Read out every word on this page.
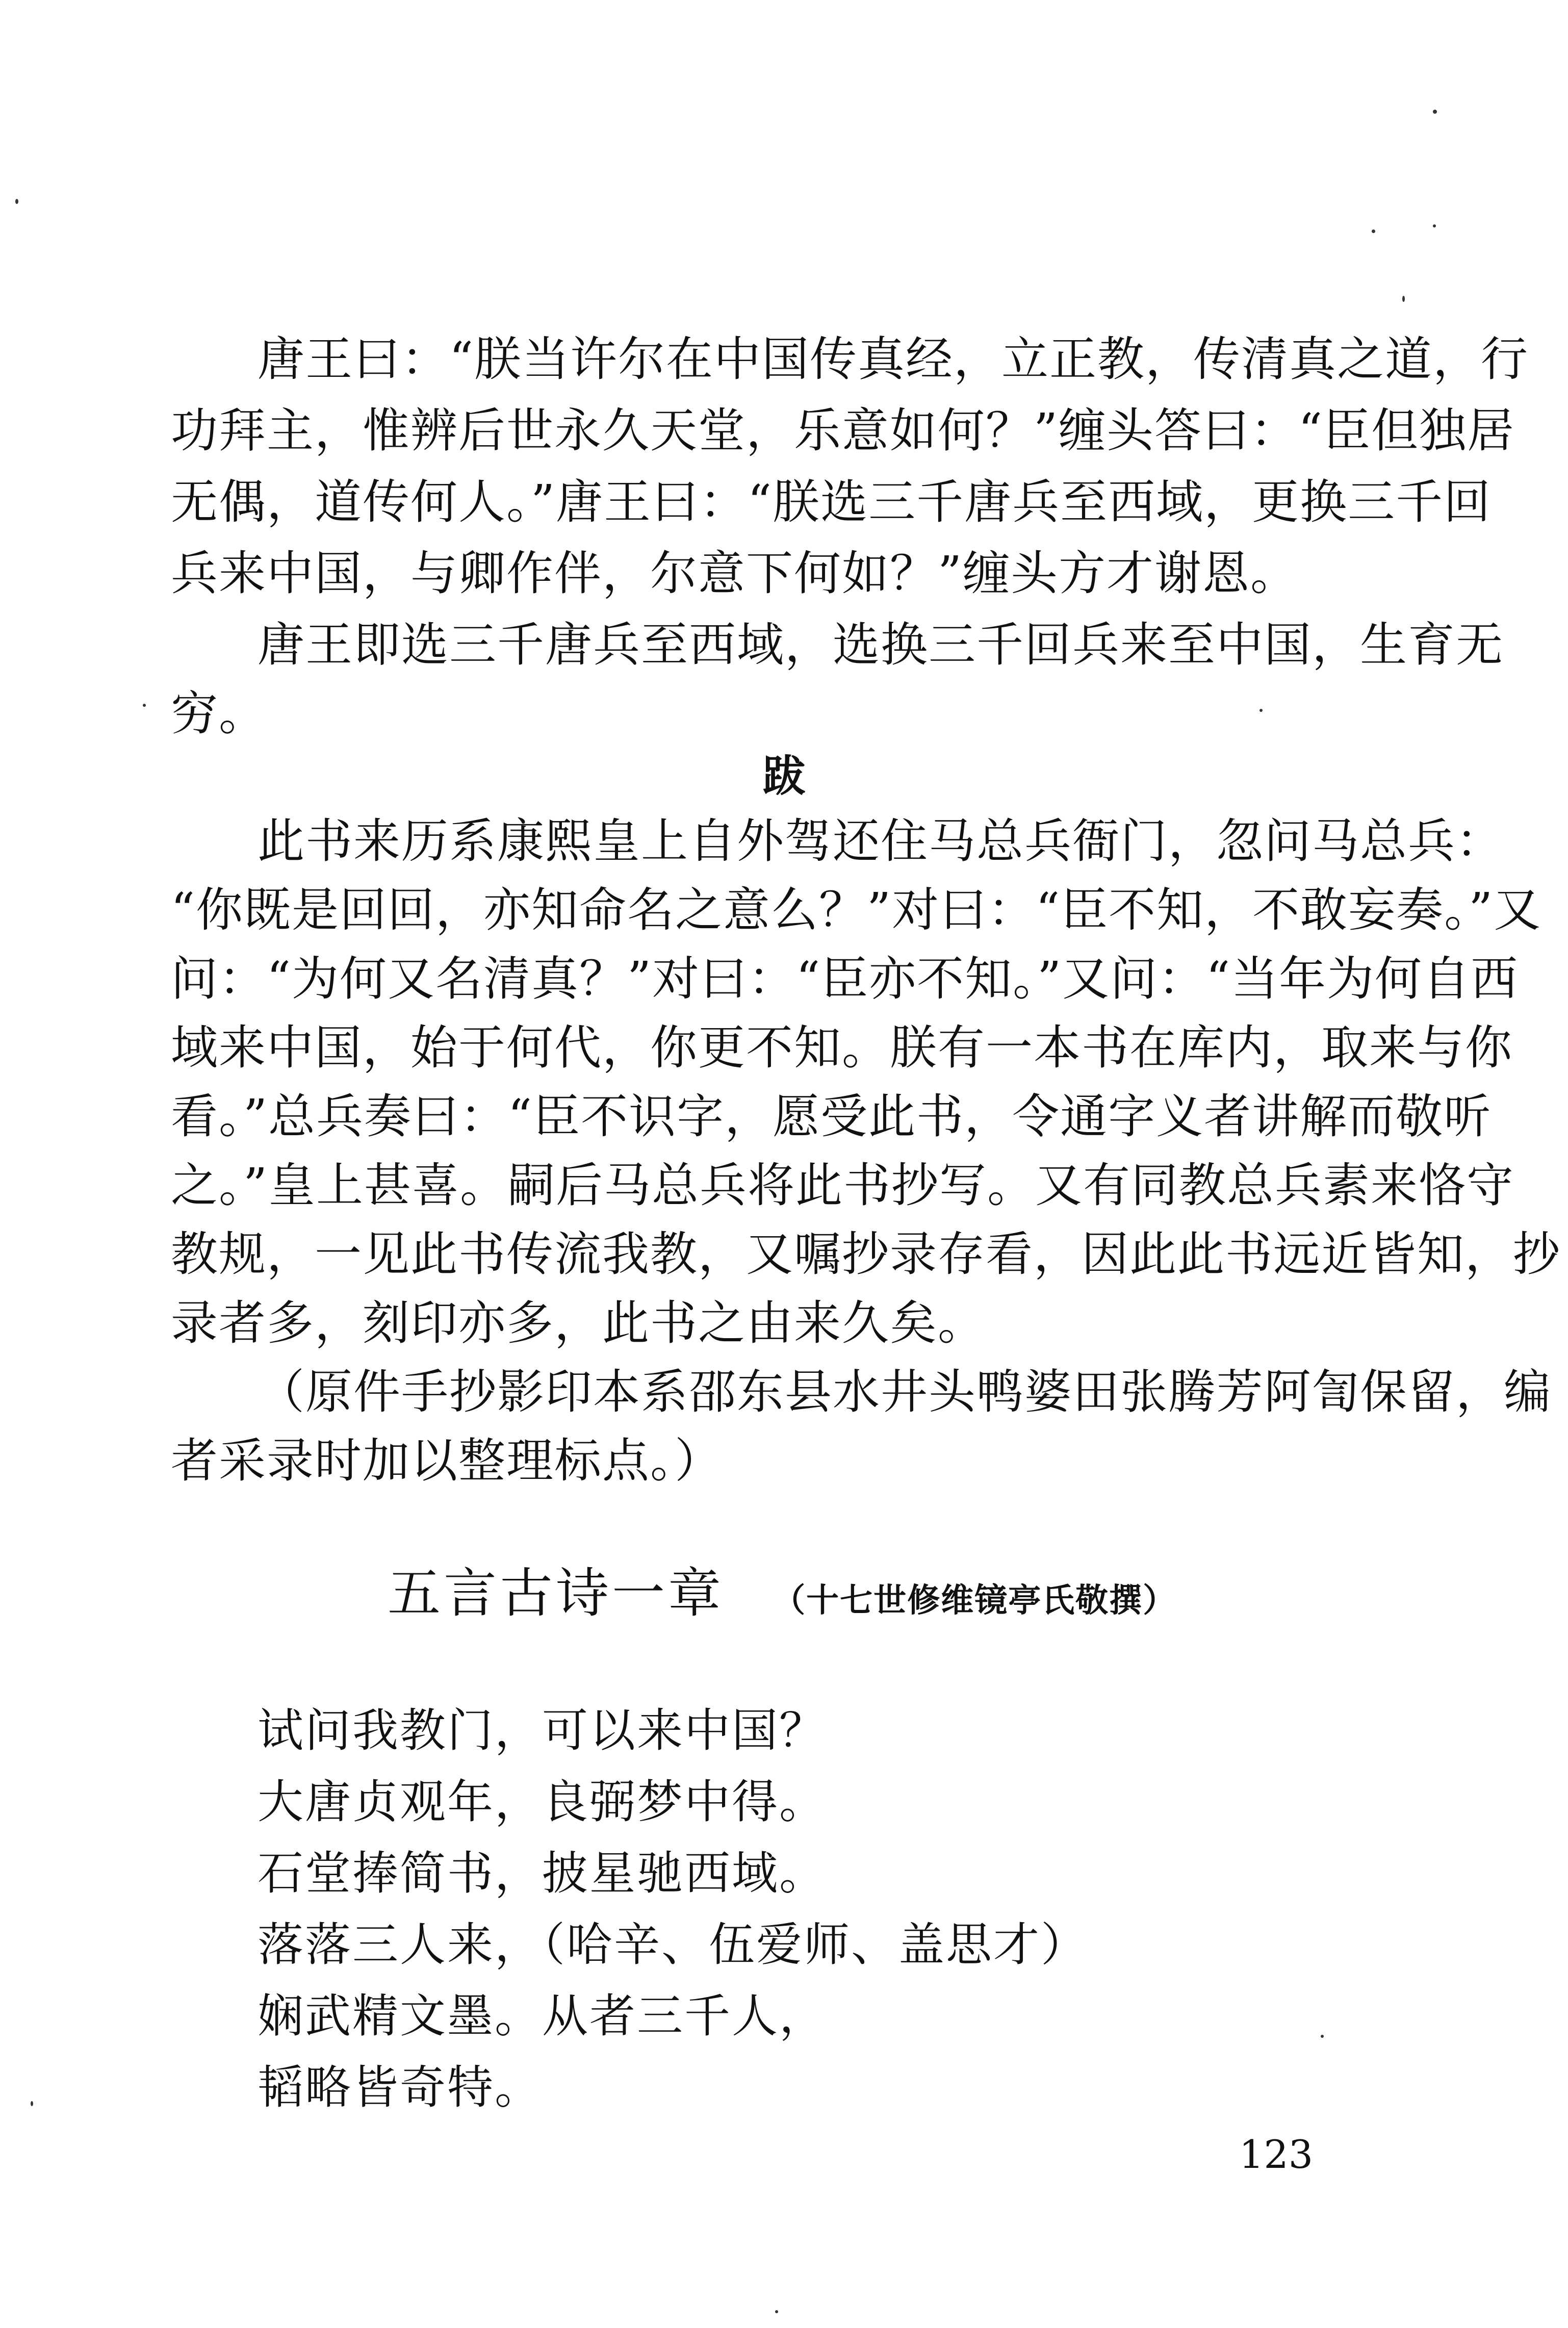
唐王曰：“朕当许尔在中国传真经，立正教，传清真之道，行
功拜主，惟辨后世永久天堂，乐意如何？”缠头答曰：“臣但独居
无偶，道传何人。”唐王曰：“朕选三千唐兵至西域，更换三千回
兵来中国，与卿作伴，尔意下何如？”缠头方才谢恩。
唐王即选三千唐兵至西域，选换三千回兵来至中国，生育无
穷。
跋
此书来历系康熙皇上自外驾还住马总兵衙门，忽问马总兵：
“你既是回回，亦知命名之意么？”对曰：“臣不知，不敢妄奏。”又
问：“为何又名清真？”对曰：“臣亦不知。”又问：“当年为何自西
域来中国，始于何代，你更不知。朕有一本书在库内，取来与你
看。”总兵奏曰：“臣不识字，愿受此书，令通字义者讲解而敬听
之。”皇上甚喜。嗣后马总兵将此书抄写。又有同教总兵素来恪守
教规，一见此书传流我教，又嘱抄录存看，因此此书远近皆知，抄
录者多，刻印亦多，此书之由来久矣。
（原件手抄影印本系邵东县水井头鸭婆田张腾芳阿訇保留，编
者采录时加以整理标点。）
五言古诗一章 （十七世修维镜亭氏敬撰）
试问我教门，可以来中国？
大唐贞观年，良弼梦中得。
石堂捧简书，披星驰西域。
落落三人来，（哈辛、伍爱师、盖思才）
娴武精文墨。从者三千人，
韬略皆奇特。
123
